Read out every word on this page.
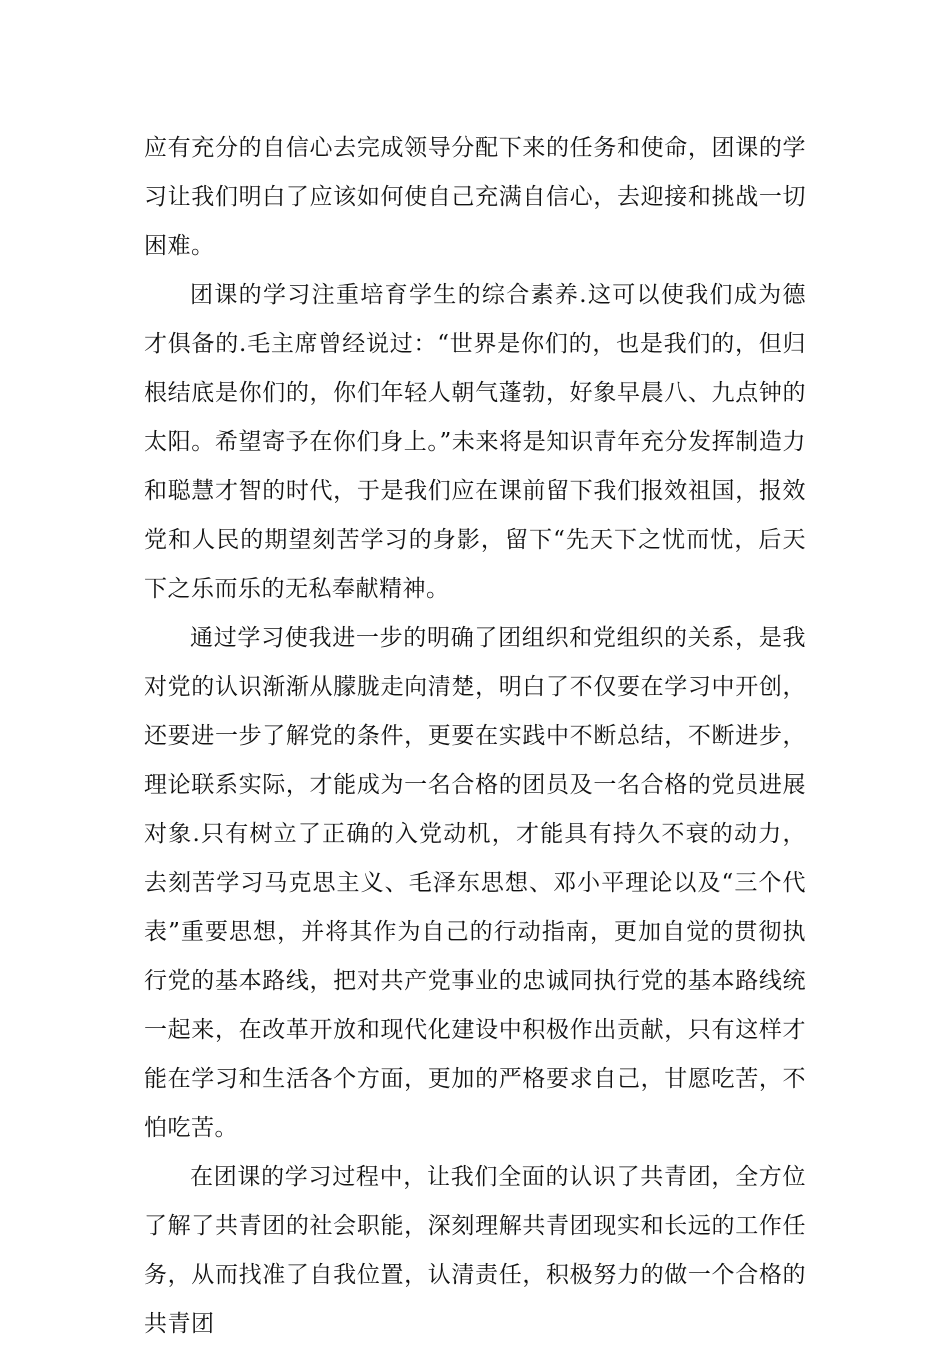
应有充分的自信心去完成领导分配下来的任务和使命，团课的学习让我们明白了应该如何使自己充满自信心，去迎接和挑战一切困难。

团课的学习注重培育学生的综合素养.这可以使我们成为德才俱备的.毛主席曾经说过：“世界是你们的，也是我们的，但归根结底是你们的，你们年轻人朝气蓬勃，好象早晨八、九点钟的太阳。希望寄予在你们身上。”未来将是知识青年充分发挥制造力和聪慧才智的时代，于是我们应在课前留下我们报效祖国，报效党和人民的期望刻苦学习的身影，留下“先天下之忧而忧，后天下之乐而乐的无私奉献精神。

通过学习使我进一步的明确了团组织和党组织的关系，是我对党的认识渐渐从朦胧走向清楚，明白了不仅要在学习中开创，还要进一步了解党的条件，更要在实践中不断总结，不断进步，理论联系实际，才能成为一名合格的团员及一名合格的党员进展对象.只有树立了正确的入党动机，才能具有持久不衰的动力，去刻苦学习马克思主义、毛泽东思想、邓小平理论以及“三个代表”重要思想，并将其作为自己的行动指南，更加自觉的贯彻执行党的基本路线，把对共产党事业的忠诚同执行党的基本路线统一起来，在改革开放和现代化建设中积极作出贡献，只有这样才能在学习和生活各个方面，更加的严格要求自己，甘愿吃苦，不怕吃苦。

在团课的学习过程中，让我们全面的认识了共青团，全方位了解了共青团的社会职能，深刻理解共青团现实和长远的工作任务，从而找准了自我位置，认清责任，积极努力的做一个合格的共青团
